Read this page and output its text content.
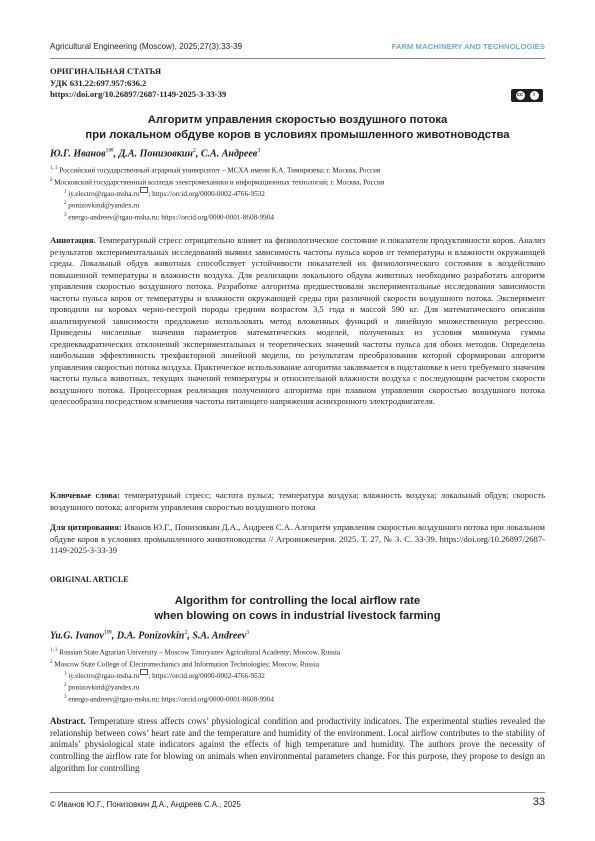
Agricultural Engineering (Moscow), 2025;27(3):33-39	FARM MACHINERY AND TECHNOLOGIES
ОРИГИНАЛЬНАЯ СТАТЬЯ
УДК 631.22:697.957:636.2
https://doi.org/10.26897/2687-1149-2025-3-33-39	cc	i
Алгоритм управления скоростью воздушного потока
при локальном обдуве коров в условиях промышленного животноводства
Ю.Г. Иванов$^{1✉}$, Д.А. Понизовкин$^2$, С.А. Андреев$^3$
$^{1, 3}$ Российский государственный аграрный университет – МСХА имени К.А. Тимирязева; г. Москва, Россия
$^2$ Московский государственный колледж электромеханики и информационных технологий; г. Москва, Россия
$^1$ iy.electro@rgau-msha.ru ; https://orcid.org/0000-0002-4766-9532
$^2$ ponizovkind@yandex.ru
$^3$ energo-andreev@rgau-msha.ru; https://orcid.org/0000-0001-8608-9904
Аннотация. Температурный стресс отрицательно влияет на физиологическое состояние и показатели продуктивности коров. Анализ результатов экспериментальных исследований выявил зависимость частоты пульса коров от температуры и влажности окружающей среды. Локальный обдув животных способствует устойчивости показателей их физиологического состояния к воздействию повышенной температуры и влажности воздуха. Для реализации локального обдува животных необходимо разработать алгоритм управления скоростью воздушного потока. Разработке алгоритма предшествовали экспериментальные исследования зависимости частоты пульса коров от температуры и влажности окружающей среды при различной скорости воздушного потока. Эксперимент проводили на коровах черно-пестрой породы средним возрастом 3,5 года и массой 590 кг. Для математического описания анализируемой зависимости предложено использовать метод вложенных функций и линейную множественную регрессию. Приведены численные значения параметров математических моделей, полученных из условия минимума суммы среднеквадратических отклонений экспериментальных и теоретических значений частоты пульса для обоих методов. Определена наибольшая эффективность трехфакторной линейной модели, по результатам преобразования которой сформирован алгоритм управления скоростью потока воздуха. Практическое использование алгоритма заключается в подстановке в него требуемого значения частоты пульса животных, текущих значений температуры и относительной влажности воздуха с последующим расчетом скорости воздушного потока. Процессорная реализация полученного алгоритма при плавном управлении скоростью воздушного потока целесообразна посредством изменения частоты питающего напряжения асинхронного электродвигателя.
Ключевые слова: температурный стресс; частота пульса; температура воздуха; влажность воздуха; локальный обдув; скорость воздушного потока; алгоритм управления скоростью воздушного потока
Для цитирования: Иванов Ю.Г., Понизовкин Д.А., Андреев С.А. Алгоритм управления скоростью воздушного потока при локальном обдуве коров в условиях промышленного животноводства // Агроинженерия. 2025. Т. 27, № 3. С. 33-39. https://doi.org/10.26897/2687-1149-2025-3-33-39
ORIGINAL ARTICLE
Algorithm for controlling the local airflow rate
when blowing on cows in industrial livestock farming
Yu.G. Ivanov$^{1✉}$, D.A. Ponizovkin$^2$, S.A. Andreev$^3$
$^{1, 3}$ Russian State Agrarian University – Moscow Timiryazev Agricultural Academy; Moscow, Russia
$^2$ Moscow State College of Electromechanics and Information Technologies; Moscow, Russia
$^1$ iy.electro@rgau-msha.ru ; https://orcid.org/0000-0002-4766-9532
$^2$ ponizovkind@yandex.ru
$^3$ energo-andreev@rgau-msha.ru; https://orcid.org/0000-0001-8608-9904
Abstract. Temperature stress affects cows’ physiological condition and productivity indicators. The experimental studies revealed the relationship between cows’ heart rate and the temperature and humidity of the environment. Local airflow contributes to the stability of animals’ physiological state indicators against the effects of high temperature and humidity. The authors prove the necessity of controlling the airflow rate for blowing on animals when environmental parameters change. For this purpose, they propose to design an algorithm for controlling
© Иванов Ю.Г., Понизовкин Д.А., Андреев С.А., 2025	33
